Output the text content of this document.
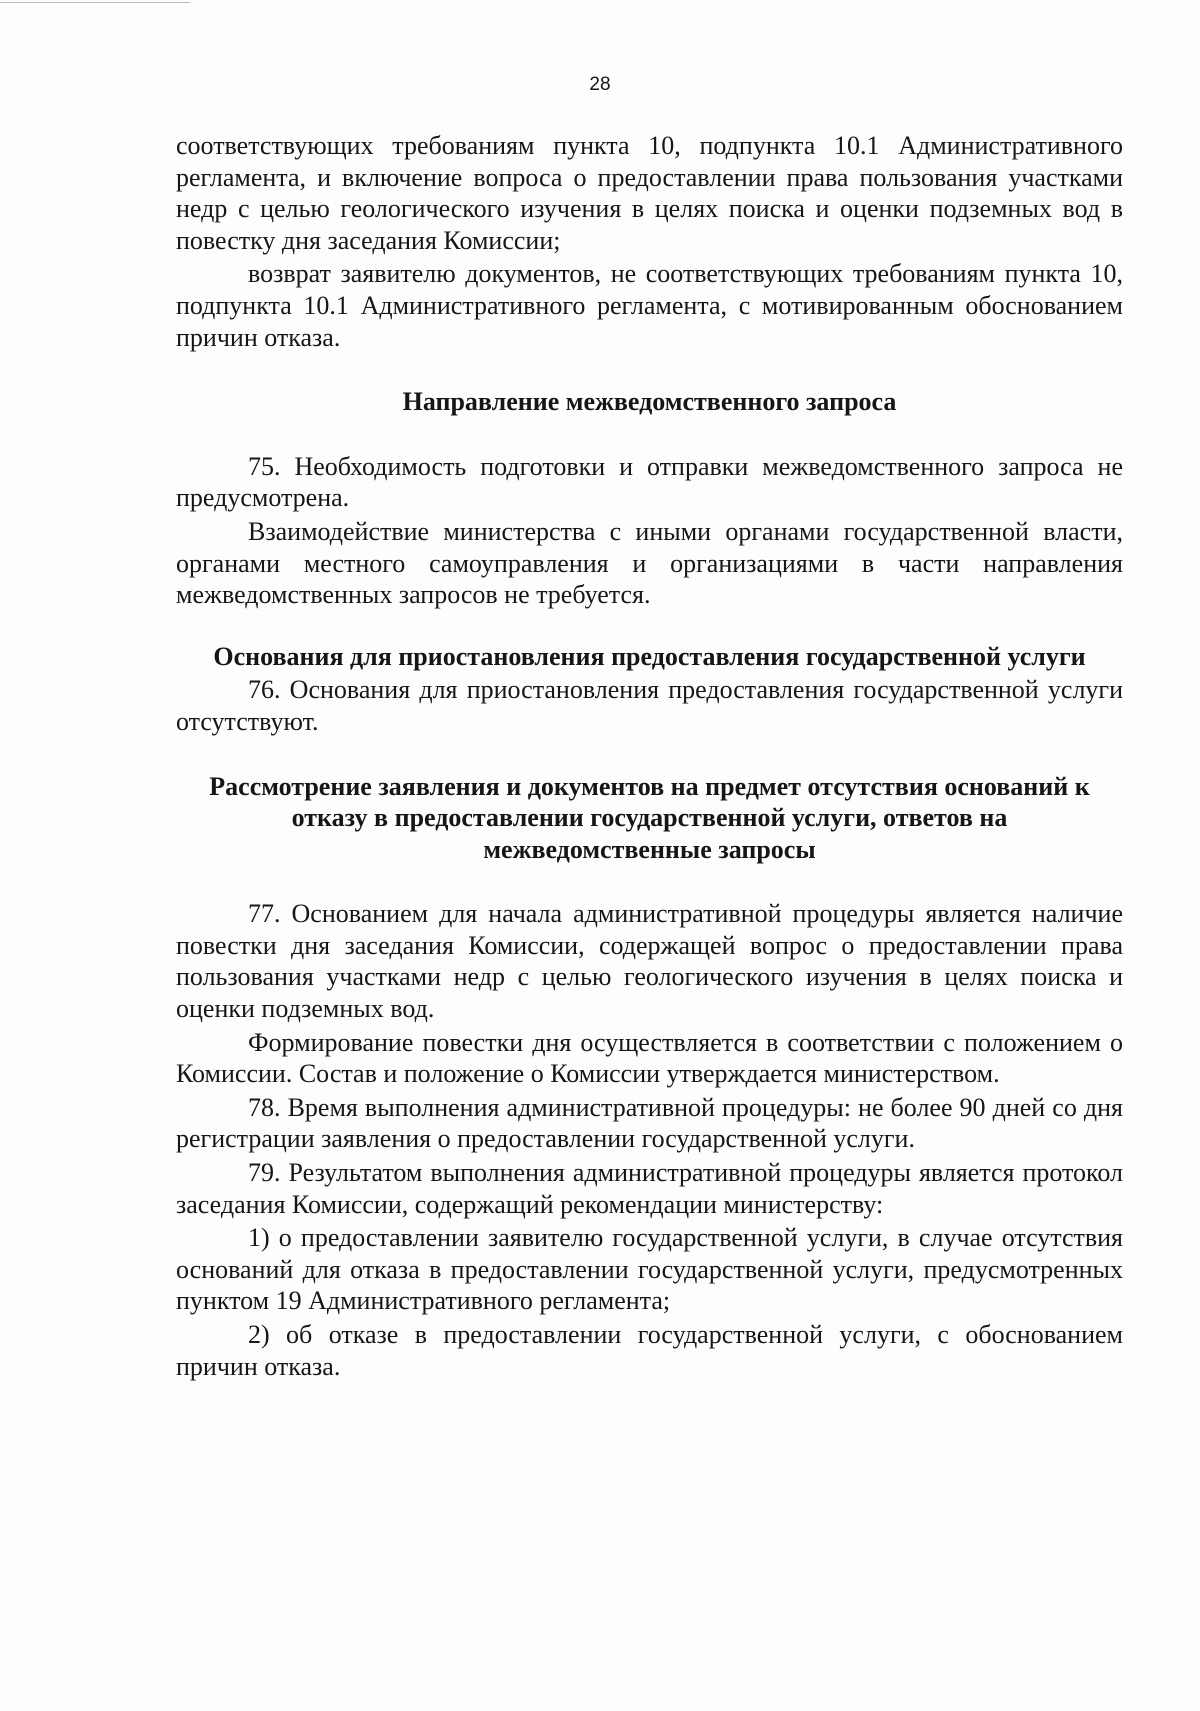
28

соответствующих требованиям пункта 10, подпункта 10.1 Административного регламента, и включение вопроса о предоставлении права пользования участками недр с целью геологического изучения в целях поиска и оценки подземных вод в повестку дня заседания Комиссии;

возврат заявителю документов, не соответствующих требованиям пункта 10, подпункта 10.1 Административного регламента, с мотивированным обоснованием причин отказа.

Направление межведомственного запроса

75. Необходимость подготовки и отправки межведомственного запроса не предусмотрена.

Взаимодействие министерства с иными органами государственной власти, органами местного самоуправления и организациями в части направления межведомственных запросов не требуется.

Основания для приостановления предоставления государственной услуги

76. Основания для приостановления предоставления государственной услуги отсутствуют.

Рассмотрение заявления и документов на предмет отсутствия оснований к отказу в предоставлении государственной услуги, ответов на межведомственные запросы

77. Основанием для начала административной процедуры является наличие повестки дня заседания Комиссии, содержащей вопрос о предоставлении права пользования участками недр с целью геологического изучения в целях поиска и оценки подземных вод.

Формирование повестки дня осуществляется в соответствии с положением о Комиссии. Состав и положение о Комиссии утверждается министерством.

78. Время выполнения административной процедуры: не более 90 дней со дня регистрации заявления о предоставлении государственной услуги.

79. Результатом выполнения административной процедуры является протокол заседания Комиссии, содержащий рекомендации министерству:

1) о предоставлении заявителю государственной услуги, в случае отсутствия оснований для отказа в предоставлении государственной услуги, предусмотренных пунктом 19 Административного регламента;

2) об отказе в предоставлении государственной услуги, с обоснованием причин отказа.
